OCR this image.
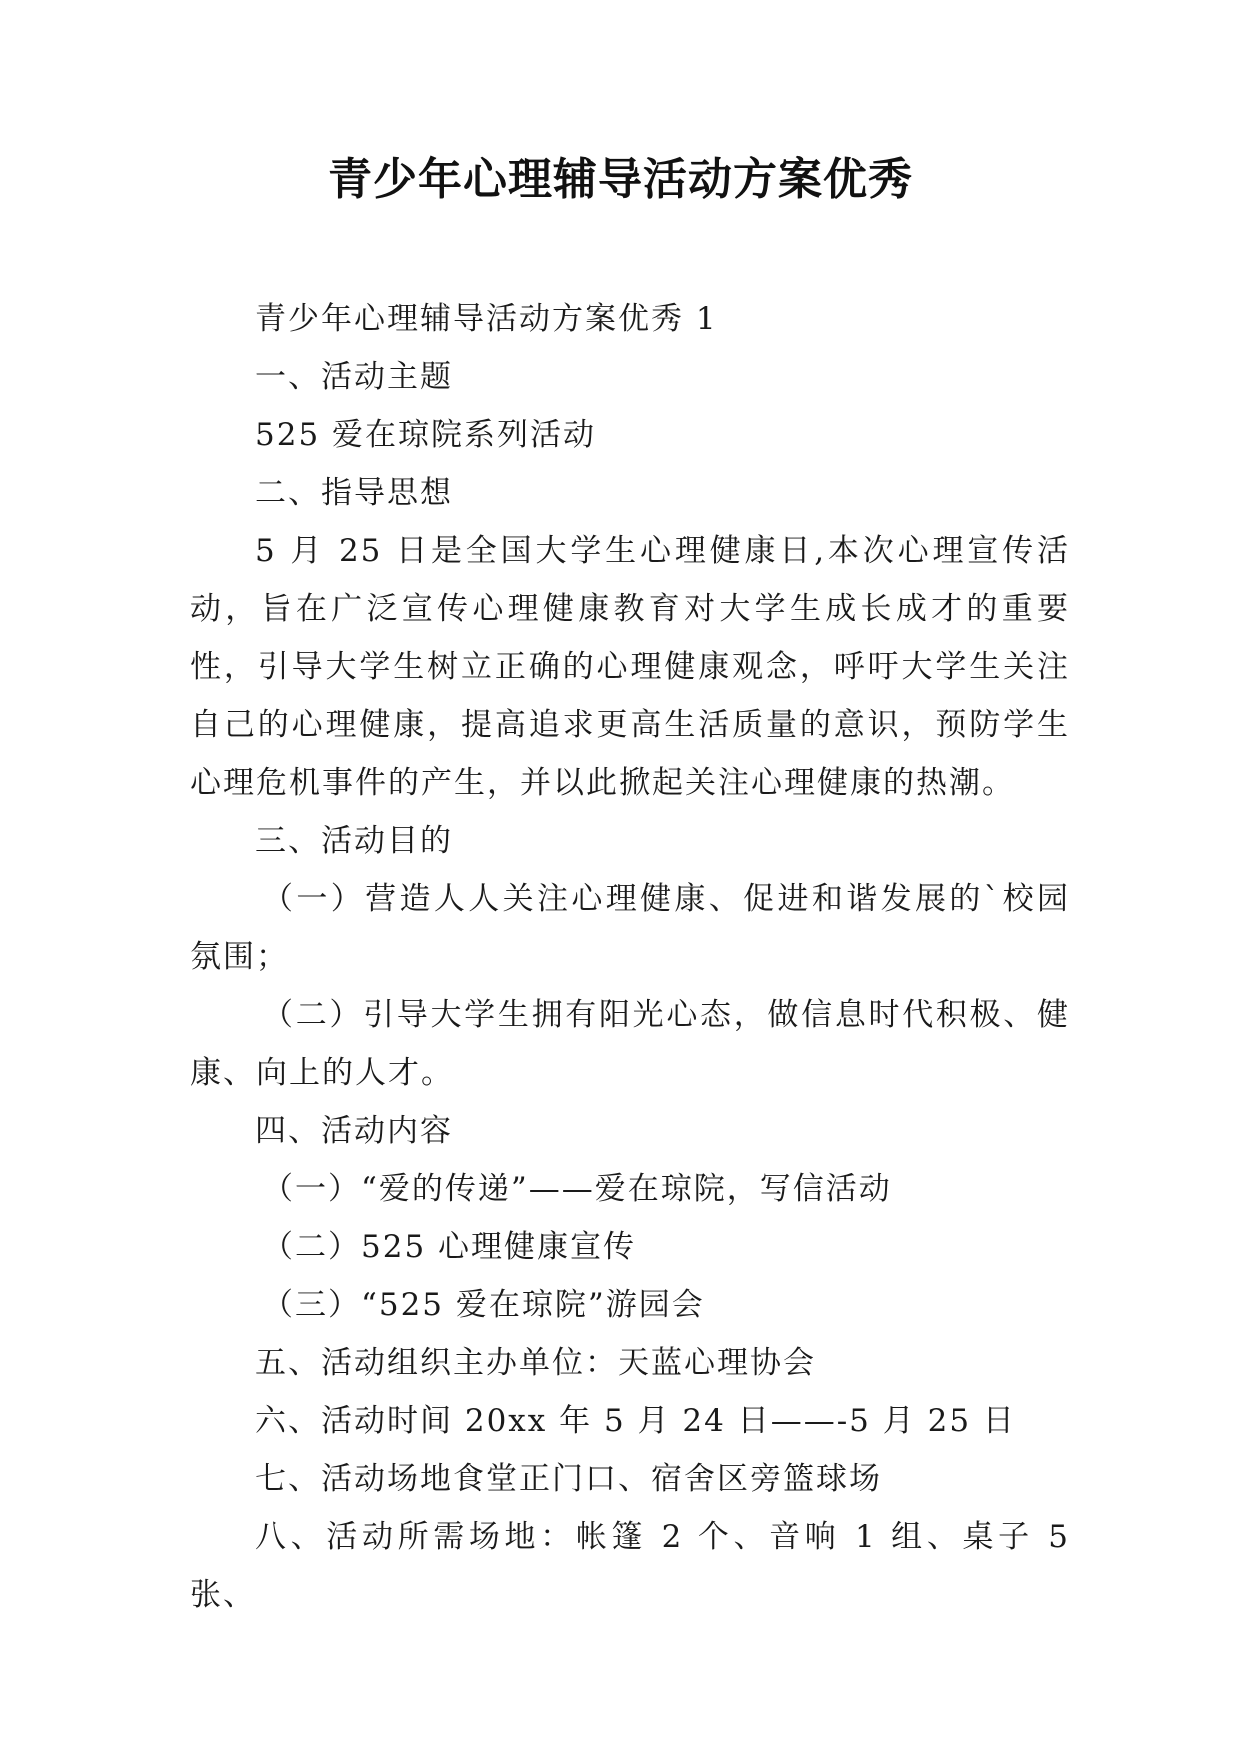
青少年心理辅导活动方案优秀

青少年心理辅导活动方案优秀 1

一、活动主题

525 爱在琼院系列活动

二、指导思想

5 月 25 日是全国大学生心理健康日,本次心理宣传活动，旨在广泛宣传心理健康教育对大学生成长成才的重要性，引导大学生树立正确的心理健康观念，呼吁大学生关注自己的心理健康，提高追求更高生活质量的意识，预防学生心理危机事件的产生，并以此掀起关注心理健康的热潮。

三、活动目的

（一）营造人人关注心理健康、促进和谐发展的`校园氛围；

（二）引导大学生拥有阳光心态，做信息时代积极、健康、向上的人才。

四、活动内容

（一）“爱的传递”——爱在琼院，写信活动

（二）525 心理健康宣传

（三）“525 爱在琼院”游园会

五、活动组织主办单位：天蓝心理协会

六、活动时间 20xx 年 5 月 24 日——-5 月 25 日

七、活动场地食堂正门口、宿舍区旁篮球场

八、活动所需场地：帐篷 2 个、音响 1 组、桌子 5 张、
